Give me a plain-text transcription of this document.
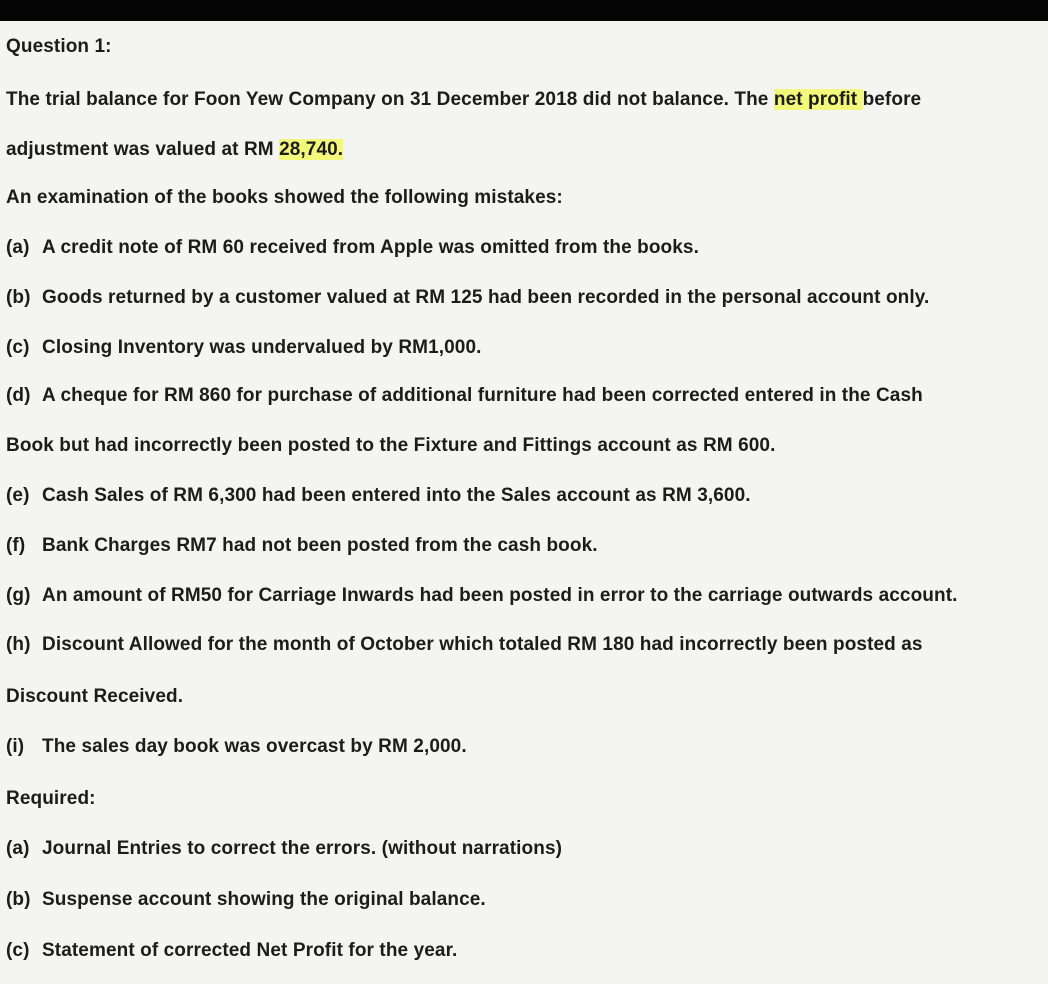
Question 1:
The trial balance for Foon Yew Company on 31 December 2018 did not balance. The net profit before
adjustment was valued at RM 28,740.
An examination of the books showed the following mistakes:
(a) A credit note of RM 60 received from Apple was omitted from the books.
(b) Goods returned by a customer valued at RM 125 had been recorded in the personal account only.
(c) Closing Inventory was undervalued by RM1,000.
(d) A cheque for RM 860 for purchase of additional furniture had been corrected entered in the Cash
Book but had incorrectly been posted to the Fixture and Fittings account as RM 600.
(e) Cash Sales of RM 6,300 had been entered into the Sales account as RM 3,600.
(f) Bank Charges RM7 had not been posted from the cash book.
(g) An amount of RM50 for Carriage Inwards had been posted in error to the carriage outwards account.
(h) Discount Allowed for the month of October which totaled RM 180 had incorrectly been posted as
Discount Received.
(i) The sales day book was overcast by RM 2,000.
Required:
(a) Journal Entries to correct the errors. (without narrations)
(b) Suspense account showing the original balance.
(c) Statement of corrected Net Profit for the year.
